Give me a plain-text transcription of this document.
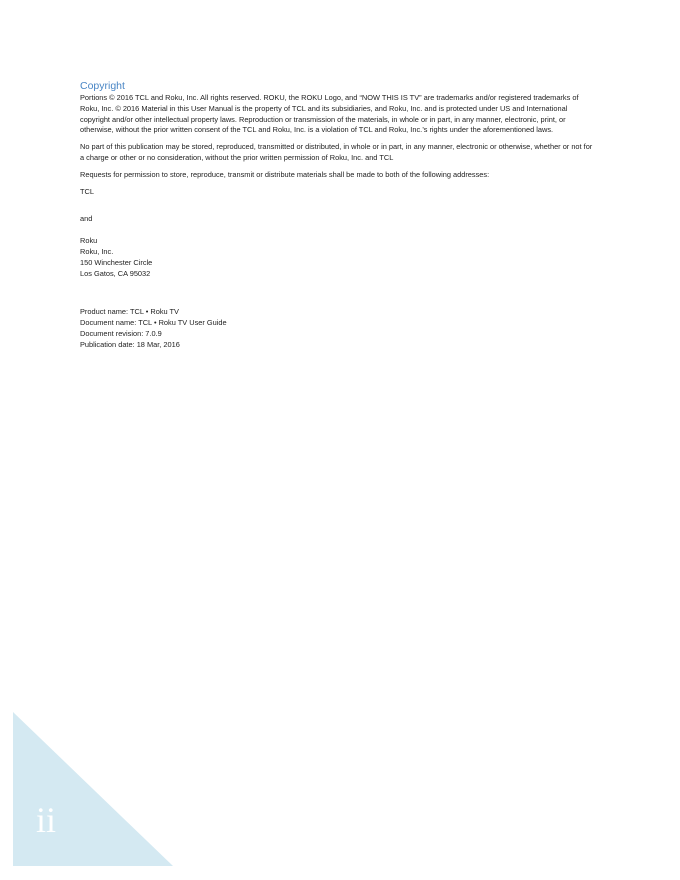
Copyright

Portions © 2016 TCL and Roku, Inc. All rights reserved. ROKU, the ROKU Logo, and “NOW THIS IS TV” are trademarks and/or registered trademarks of Roku, Inc. © 2016 Material in this User Manual is the property of TCL and its subsidiaries, and Roku, Inc. and is protected under US and International copyright and/or other intellectual property laws. Reproduction or transmission of the materials, in whole or in part, in any manner, electronic, print, or otherwise, without the prior written consent of the TCL and Roku, Inc. is a violation of TCL and Roku, Inc.’s rights under the aforementioned laws.

No part of this publication may be stored, reproduced, transmitted or distributed, in whole or in part, in any manner, electronic or otherwise, whether or not for a charge or other or no consideration, without the prior written permission of Roku, Inc. and TCL

Requests for permission to store, reproduce, transmit or distribute materials shall be made to both of the following addresses:

TCL
and
Roku
Roku, Inc.
150 Winchester Circle
Los Gatos, CA 95032
Product name: TCL • Roku TV
Document name: TCL • Roku TV User Guide
Document revision: 7.0.9
Publication date: 18 Mar, 2016
ii
